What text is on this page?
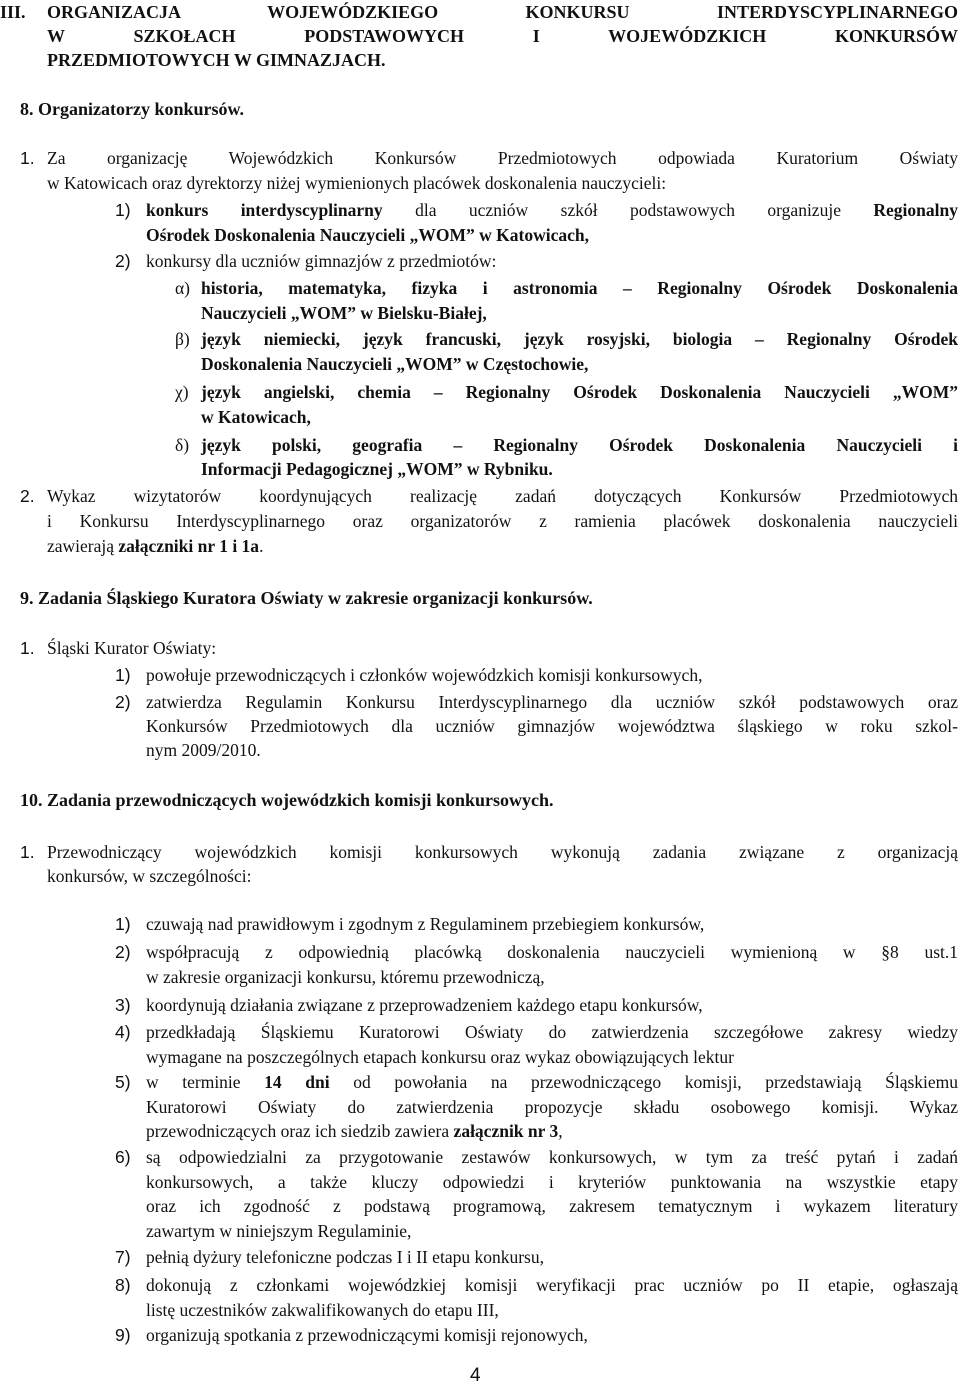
III. ORGANIZACJA WOJEWÓDZKIEGO KONKURSU INTERDYSCYPLINARNEGO
W SZKOŁACH PODSTAWOWYCH I WOJEWÓDZKICH KONKURSÓW
PRZEDMIOTOWYCH W GIMNAZJACH.
8. Organizatorzy konkursów.
1. Za organizację Wojewódzkich Konkursów Przedmiotowych odpowiada Kuratorium Oświaty
w Katowicach oraz dyrektorzy niżej wymienionych placówek doskonalenia nauczycieli:
1) konkurs interdyscyplinarny dla uczniów szkół podstawowych organizuje Regionalny
Ośrodek Doskonalenia Nauczycieli „WOM” w Katowicach,
2) konkursy dla uczniów gimnazjów z przedmiotów:
α) historia, matematyka, fizyka i astronomia – Regionalny Ośrodek Doskonalenia
Nauczycieli „WOM” w Bielsku-Białej,
β) język niemiecki, język francuski, język rosyjski, biologia – Regionalny Ośrodek
Doskonalenia Nauczycieli „WOM” w Częstochowie,
χ) język angielski, chemia – Regionalny Ośrodek Doskonalenia Nauczycieli „WOM”
w Katowicach,
δ) język polski, geografia – Regionalny Ośrodek Doskonalenia Nauczycieli i
Informacji Pedagogicznej „WOM” w Rybniku.
2. Wykaz wizytatorów koordynujących realizację zadań dotyczących Konkursów Przedmiotowych
i Konkursu Interdyscyplinarnego oraz organizatorów z ramienia placówek doskonalenia nauczycieli
zawierają załączniki nr 1 i 1a.
9. Zadania Śląskiego Kuratora Oświaty w zakresie organizacji konkursów.
1. Śląski Kurator Oświaty:
1) powołuje przewodniczących i członków wojewódzkich komisji konkursowych,
2) zatwierdza Regulamin Konkursu Interdyscyplinarnego dla uczniów szkół podstawowych oraz
Konkursów Przedmiotowych dla uczniów gimnazjów województwa śląskiego w roku szkol-
nym 2009/2010.
10. Zadania przewodniczących wojewódzkich komisji konkursowych.
1. Przewodniczący wojewódzkich komisji konkursowych wykonują zadania związane z organizacją
konkursów, w szczególności:
1) czuwają nad prawidłowym i zgodnym z Regulaminem przebiegiem konkursów,
2) współpracują z odpowiednią placówką doskonalenia nauczycieli wymienioną w §8 ust.1
w zakresie organizacji konkursu, któremu przewodniczą,
3) koordynują działania związane z przeprowadzeniem każdego etapu konkursów,
4) przedkładają Śląskiemu Kuratorowi Oświaty do zatwierdzenia szczegółowe zakresy wiedzy
wymagane na poszczególnych etapach konkursu oraz wykaz obowiązujących lektur
5) w terminie 14 dni od powołania na przewodniczącego komisji, przedstawiają Śląskiemu
Kuratorowi Oświaty do zatwierdzenia propozycje składu osobowego komisji. Wykaz
przewodniczących oraz ich siedzib zawiera załącznik nr 3,
6) są odpowiedzialni za przygotowanie zestawów konkursowych, w tym za treść pytań i zadań
konkursowych, a także kluczy odpowiedzi i kryteriów punktowania na wszystkie etapy
oraz ich zgodność z podstawą programową, zakresem tematycznym i wykazem literatury
zawartym w niniejszym Regulaminie,
7) pełnią dyżury telefoniczne podczas I i II etapu konkursu,
8) dokonują z członkami wojewódzkiej komisji weryfikacji prac uczniów po II etapie, ogłaszają
listę uczestników zakwalifikowanych do etapu III,
9) organizują spotkania z przewodniczącymi komisji rejonowych,
4
